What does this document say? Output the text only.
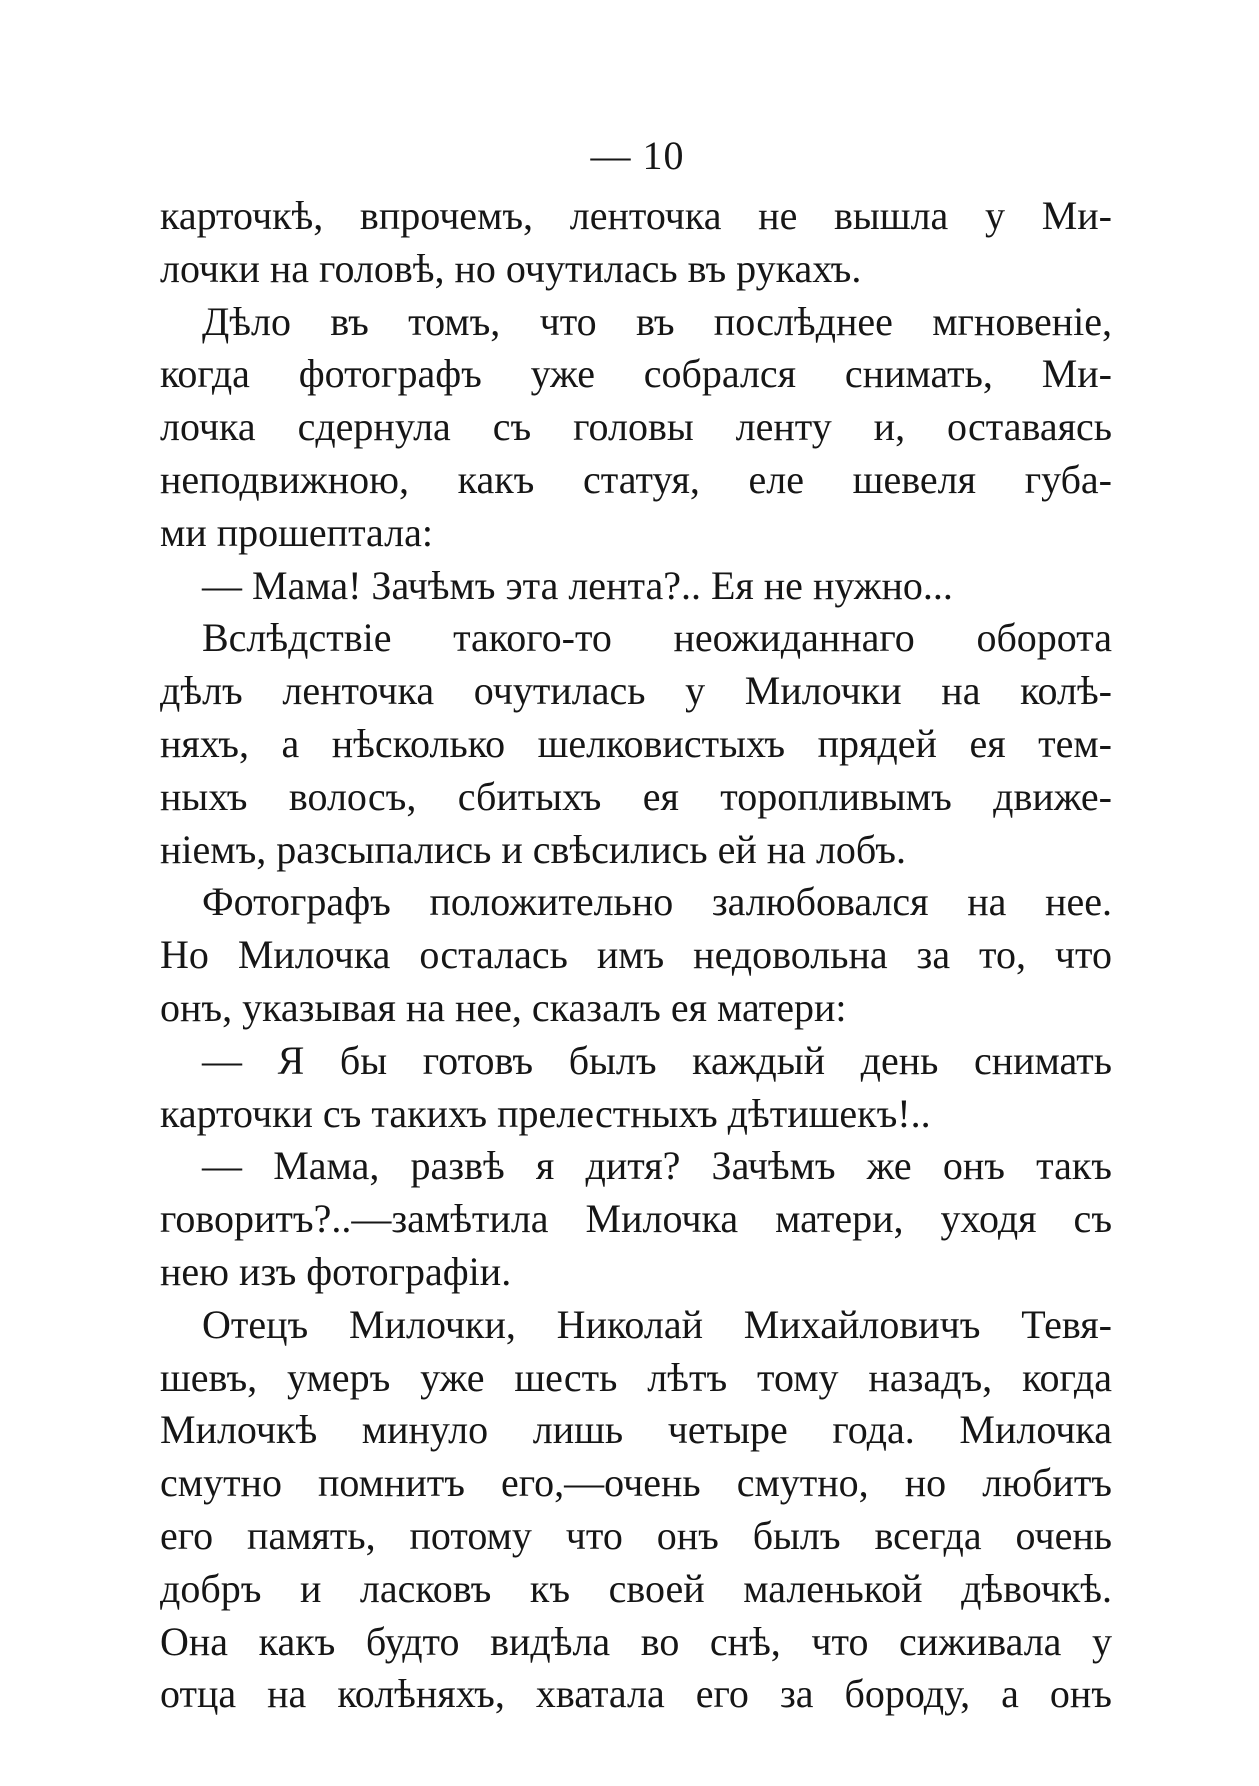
— 10
карточкѣ, впрочемъ, ленточка не вышла у Ми-
лочки на головѣ, но очутилась въ рукахъ.
Дѣло въ томъ, что въ послѣднее мгновеніе,
когда фотографъ уже собрался снимать, Ми-
лочка сдернула съ головы ленту и, оставаясь
неподвижною, какъ статуя, еле шевеля губа-
ми прошептала:
— Мама! Зачѣмъ эта лента?.. Ея не нужно...
Вслѣдствіе такого-то неожиданнаго оборота
дѣлъ ленточка очутилась у Милочки на колѣ-
няхъ, а нѣсколько шелковистыхъ прядей ея тем-
ныхъ волосъ, сбитыхъ ея торопливымъ движе-
ніемъ, разсыпались и свѣсились ей на лобъ.
Фотографъ положительно залюбовался на нее.
Но Милочка осталась имъ недовольна за то, что
онъ, указывая на нее, сказалъ ея матери:
— Я бы готовъ былъ каждый день снимать
карточки съ такихъ прелестныхъ дѣтишекъ!..
— Мама, развѣ я дитя? Зачѣмъ же онъ такъ
говоритъ?..—замѣтила Милочка матери, уходя съ
нею изъ фотографіи.
Отецъ Милочки, Николай Михайловичъ Тевя-
шевъ, умеръ уже шесть лѣтъ тому назадъ, когда
Милочкѣ минуло лишь четыре года. Милочка
смутно помнитъ его,—очень смутно, но любитъ
его память, потому что онъ былъ всегда очень
добръ и ласковъ къ своей маленькой дѣвочкѣ.
Она какъ будто видѣла во снѣ, что сиживала у
отца на колѣняхъ, хватала его за бороду, а онъ
